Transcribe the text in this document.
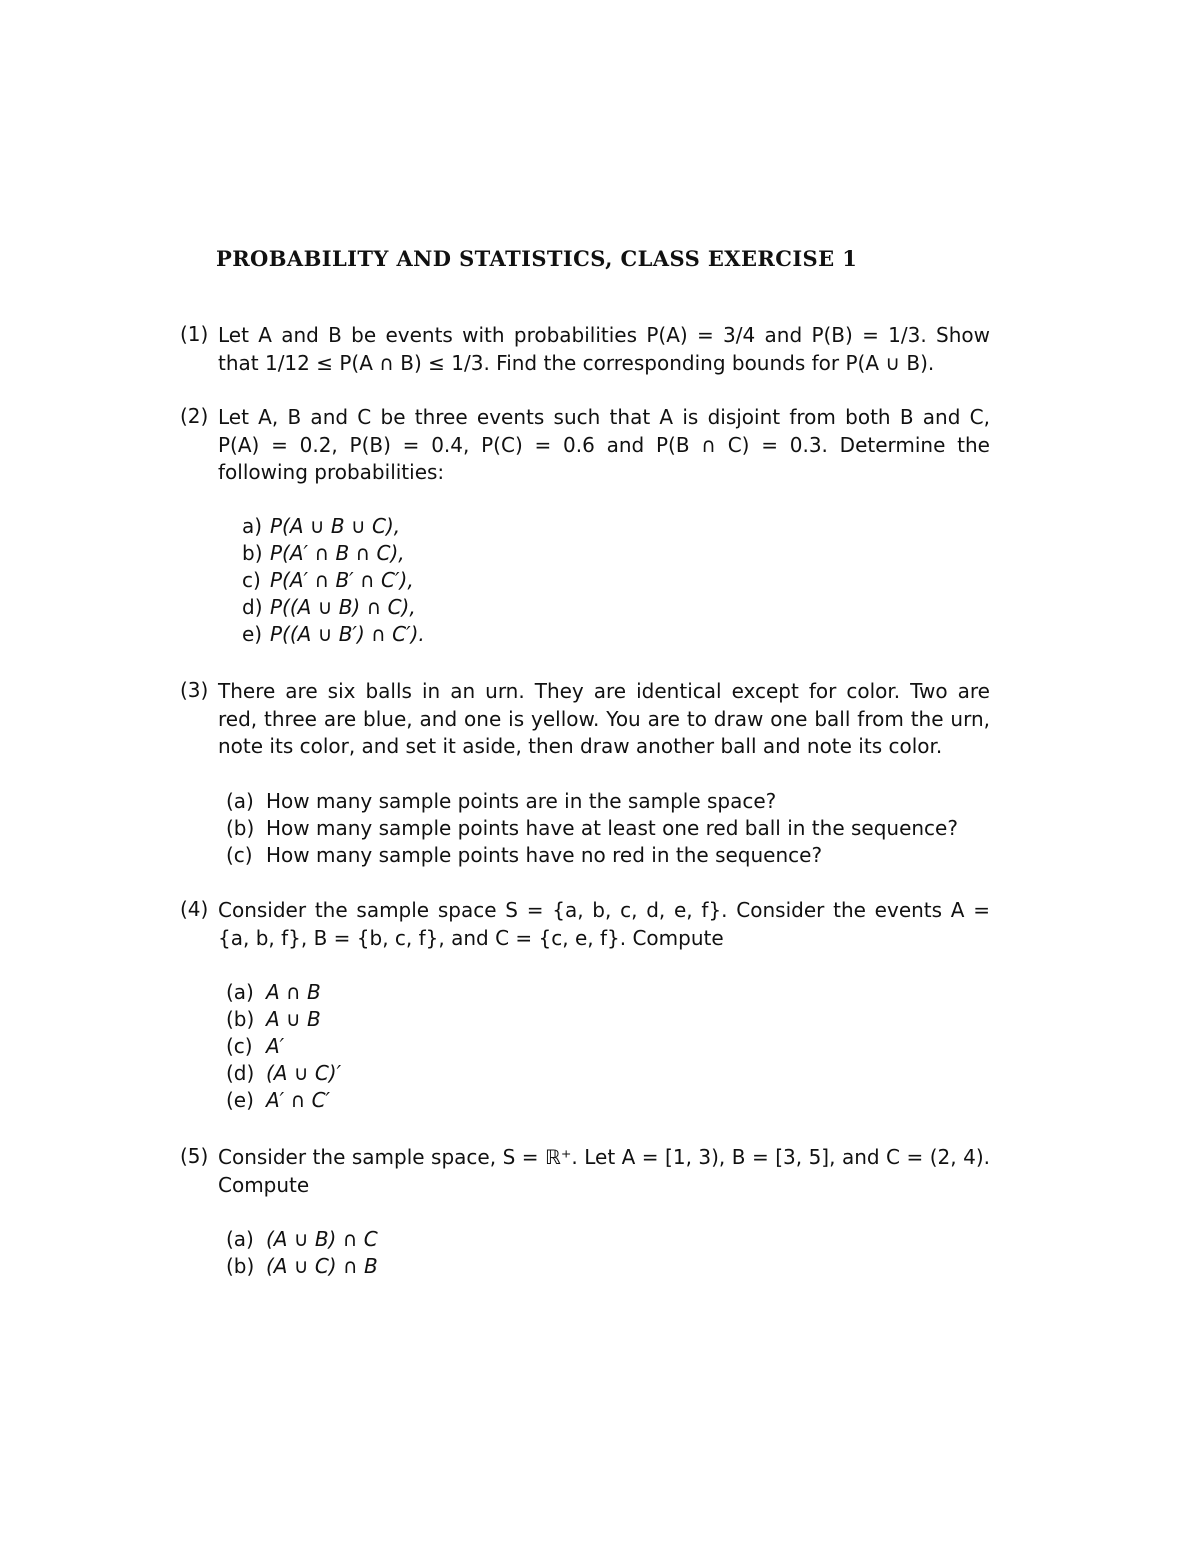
PROBABILITY AND STATISTICS, CLASS EXERCISE 1
(1) Let A and B be events with probabilities P(A) = 3/4 and P(B) = 1/3. Show
that 1/12 ≤ P(A ∩ B) ≤ 1/3. Find the corresponding bounds for P(A ∪ B).
(2) Let A, B and C be three events such that A is disjoint from both B and C,
P(A) = 0.2, P(B) = 0.4, P(C) = 0.6 and P(B ∩ C) = 0.3. Determine the
following probabilities:
a) P(A ∪ B ∪ C),
b) P(A′ ∩ B ∩ C),
c) P(A′ ∩ B′ ∩ C′),
d) P((A ∪ B) ∩ C),
e) P((A ∪ B′) ∩ C′).
(3) There are six balls in an urn. They are identical except for color. Two are
red, three are blue, and one is yellow. You are to draw one ball from the urn,
note its color, and set it aside, then draw another ball and note its color.
(a) How many sample points are in the sample space?
(b) How many sample points have at least one red ball in the sequence?
(c) How many sample points have no red in the sequence?
(4) Consider the sample space S = {a, b, c, d, e, f}. Consider the events A =
{a, b, f}, B = {b, c, f}, and C = {c, e, f}. Compute
(a) A ∩ B
(b) A ∪ B
(c) A′
(d) (A ∪ C)′
(e) A′ ∩ C′
(5) Consider the sample space, S = ℝ⁺. Let A = [1, 3), B = [3, 5], and C = (2, 4).
Compute
(a) (A ∪ B) ∩ C
(b) (A ∪ C) ∩ B
